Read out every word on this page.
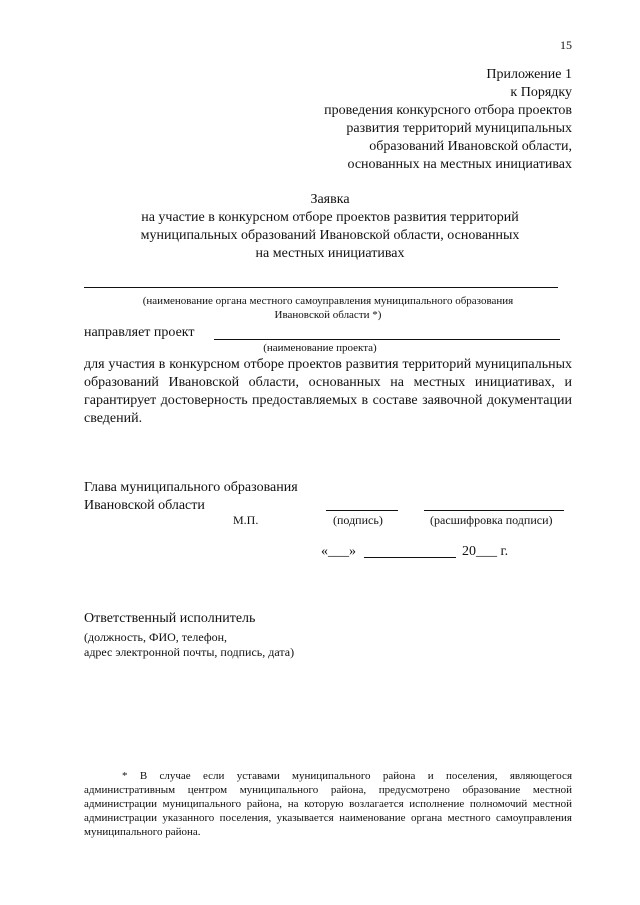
15
Приложение 1
к Порядку
проведения конкурсного отбора проектов
развития территорий муниципальных
образований Ивановской области,
основанных на местных инициативах
Заявка
на участие в конкурсном отборе проектов развития территорий
муниципальных образований Ивановской области, основанных
на местных инициативах
(наименование органа местного самоуправления муниципального образования
Ивановской области *)
направляет проект
(наименование проекта)
для участия в конкурсном отборе проектов развития территорий муниципальных образований Ивановской области, основанных на местных инициативах, и гарантирует достоверность предоставляемых в составе заявочной документации сведений.
Глава муниципального образования
Ивановской области
М.П.	(подпись)	(расшифровка подписи)
«___»	20___ г.
Ответственный исполнитель
(должность, ФИО, телефон,
адрес электронной почты, подпись, дата)
* В случае если уставами муниципального района и поселения, являющегося административным центром муниципального района, предусмотрено образование местной администрации муниципального района, на которую возлагается исполнение полномочий местной администрации указанного поселения, указывается наименование органа местного самоуправления муниципального района.
